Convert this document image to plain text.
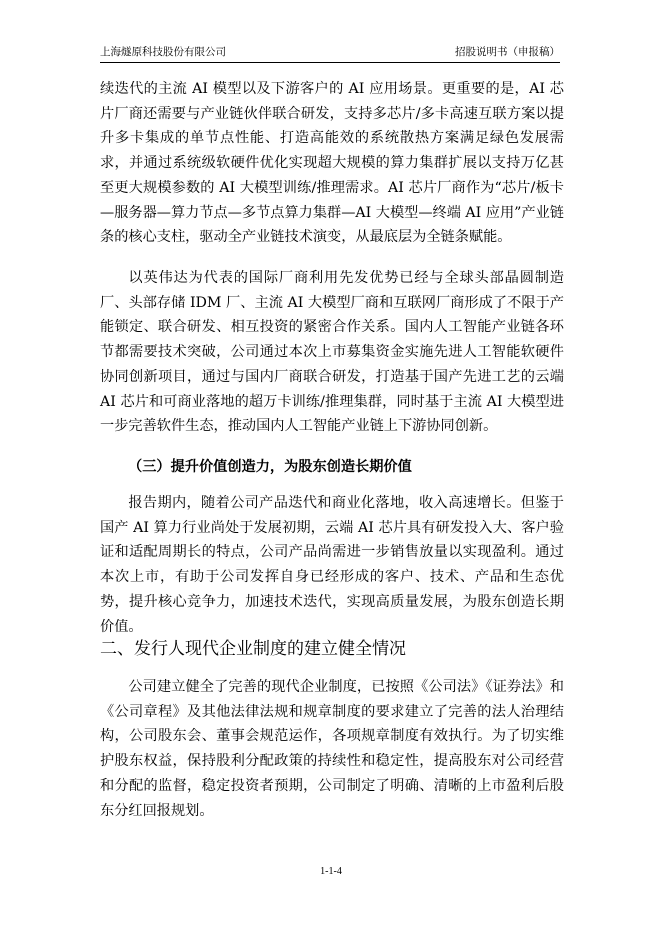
上海燧原科技股份有限公司	招股说明书（申报稿）

续迭代的主流 AI 模型以及下游客户的 AI 应用场景。更重要的是，AI 芯片厂商还需要与产业链伙伴联合研发，支持多芯片/多卡高速互联方案以提升多卡集成的单节点性能、打造高能效的系统散热方案满足绿色发展需求，并通过系统级软硬件优化实现超大规模的算力集群扩展以支持万亿甚至更大规模参数的 AI 大模型训练/推理需求。AI 芯片厂商作为“芯片/板卡—服务器—算力节点—多节点算力集群—AI 大模型—终端 AI 应用”产业链条的核心支柱，驱动全产业链技术演变，从最底层为全链条赋能。

以英伟达为代表的国际厂商利用先发优势已经与全球头部晶圆制造厂、头部存储 IDM 厂、主流 AI 大模型厂商和互联网厂商形成了不限于产能锁定、联合研发、相互投资的紧密合作关系。国内人工智能产业链各环节都需要技术突破，公司通过本次上市募集资金实施先进人工智能软硬件协同创新项目，通过与国内厂商联合研发，打造基于国产先进工艺的云端 AI 芯片和可商业落地的超万卡训练/推理集群，同时基于主流 AI 大模型进一步完善软件生态，推动国内人工智能产业链上下游协同创新。

（三）提升价值创造力，为股东创造长期价值

报告期内，随着公司产品迭代和商业化落地，收入高速增长。但鉴于国产 AI 算力行业尚处于发展初期，云端 AI 芯片具有研发投入大、客户验证和适配周期长的特点，公司产品尚需进一步销售放量以实现盈利。通过本次上市，有助于公司发挥自身已经形成的客户、技术、产品和生态优势，提升核心竞争力，加速技术迭代，实现高质量发展，为股东创造长期价值。

二、发行人现代企业制度的建立健全情况

公司建立健全了完善的现代企业制度，已按照《公司法》《证券法》和《公司章程》及其他法律法规和规章制度的要求建立了完善的法人治理结构，公司股东会、董事会规范运作，各项规章制度有效执行。为了切实维护股东权益，保持股利分配政策的持续性和稳定性，提高股东对公司经营和分配的监督，稳定投资者预期，公司制定了明确、清晰的上市盈利后股东分红回报规划。

1-1-4
